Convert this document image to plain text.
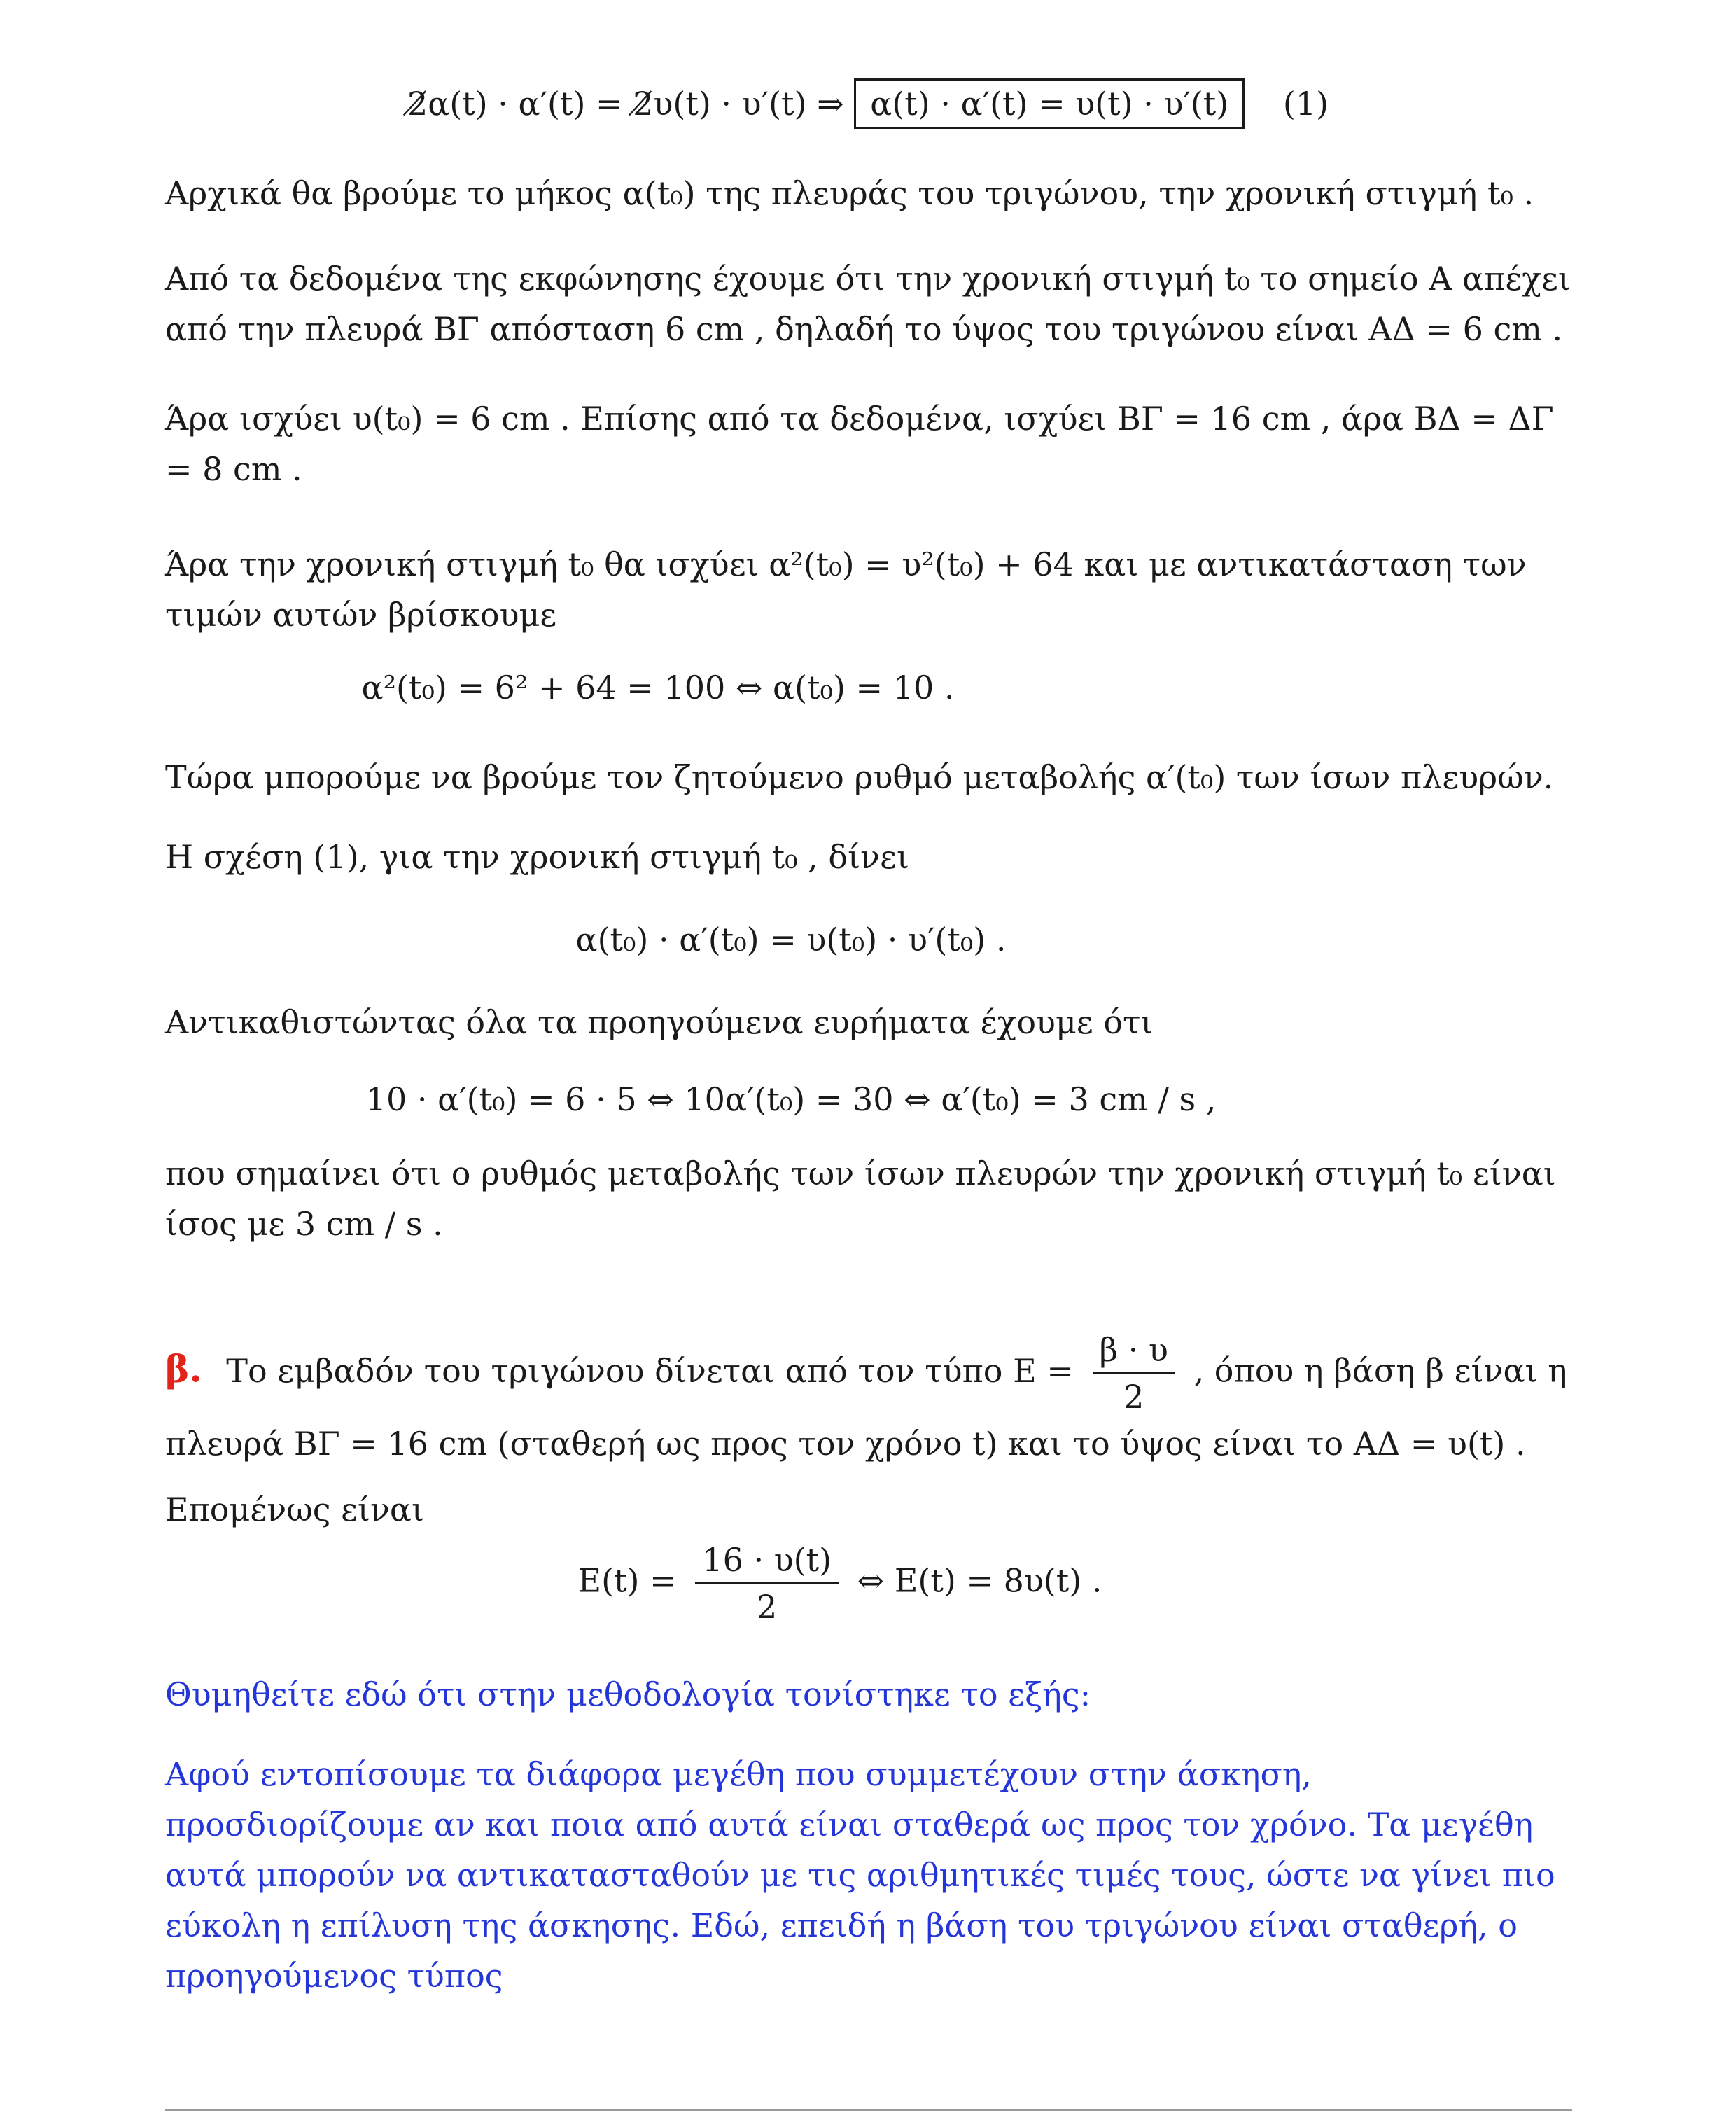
2̸α(t) · α′(t) = 2̸υ(t) · υ′(t) ⇒ α(t) · α′(t) = υ(t) · υ′(t) (1)

Αρχικά θα βρούμε το μήκος α(t₀) της πλευράς του τριγώνου, την χρονική στιγμή t₀ .

Από τα δεδομένα της εκφώνησης έχουμε ότι την χρονική στιγμή t₀ το σημείο Α απέχει από την πλευρά ΒΓ απόσταση 6 cm , δηλαδή το ύψος του τριγώνου είναι ΑΔ = 6 cm .

Άρα ισχύει υ(t₀) = 6 cm . Επίσης από τα δεδομένα, ισχύει ΒΓ = 16 cm , άρα ΒΔ = ΔΓ = 8 cm .

Άρα την χρονική στιγμή t₀ θα ισχύει α²(t₀) = υ²(t₀) + 64 και με αντικατάσταση των τιμών αυτών βρίσκουμε

α²(t₀) = 6² + 64 = 100 ⇔ α(t₀) = 10 .

Τώρα μπορούμε να βρούμε τον ζητούμενο ρυθμό μεταβολής α′(t₀) των ίσων πλευρών.

Η σχέση (1), για την χρονική στιγμή t₀ , δίνει

α(t₀) · α′(t₀) = υ(t₀) · υ′(t₀) .

Αντικαθιστώντας όλα τα προηγούμενα ευρήματα έχουμε ότι

10 · α′(t₀) = 6 · 5 ⇔ 10α′(t₀) = 30 ⇔ α′(t₀) = 3 cm / s ,

που σημαίνει ότι ο ρυθμός μεταβολής των ίσων πλευρών την χρονική στιγμή t₀ είναι ίσος με 3 cm / s .

β. Το εμβαδόν του τριγώνου δίνεται από τον τύπο $E = \frac{\beta \cdot \upsilon}{2}$ , όπου η βάση β είναι η

πλευρά ΒΓ = 16 cm (σταθερή ως προς τον χρόνο t) και το ύψος είναι το ΑΔ = υ(t) .

Επομένως είναι

$E(t) = \frac{16 \cdot \upsilon(t)}{2}$ ⇔ Ε(t) = 8υ(t) .

Θυμηθείτε εδώ ότι στην μεθοδολογία τονίστηκε το εξής:

Αφού εντοπίσουμε τα διάφορα μεγέθη που συμμετέχουν στην άσκηση, προσδιορίζουμε αν και ποια από αυτά είναι σταθερά ως προς τον χρόνο. Τα μεγέθη αυτά μπορούν να αντικατασταθούν με τις αριθμητικές τιμές τους, ώστε να γίνει πιο εύκολη η επίλυση της άσκησης. Εδώ, επειδή η βάση του τριγώνου είναι σταθερή, ο προηγούμενος τύπος
